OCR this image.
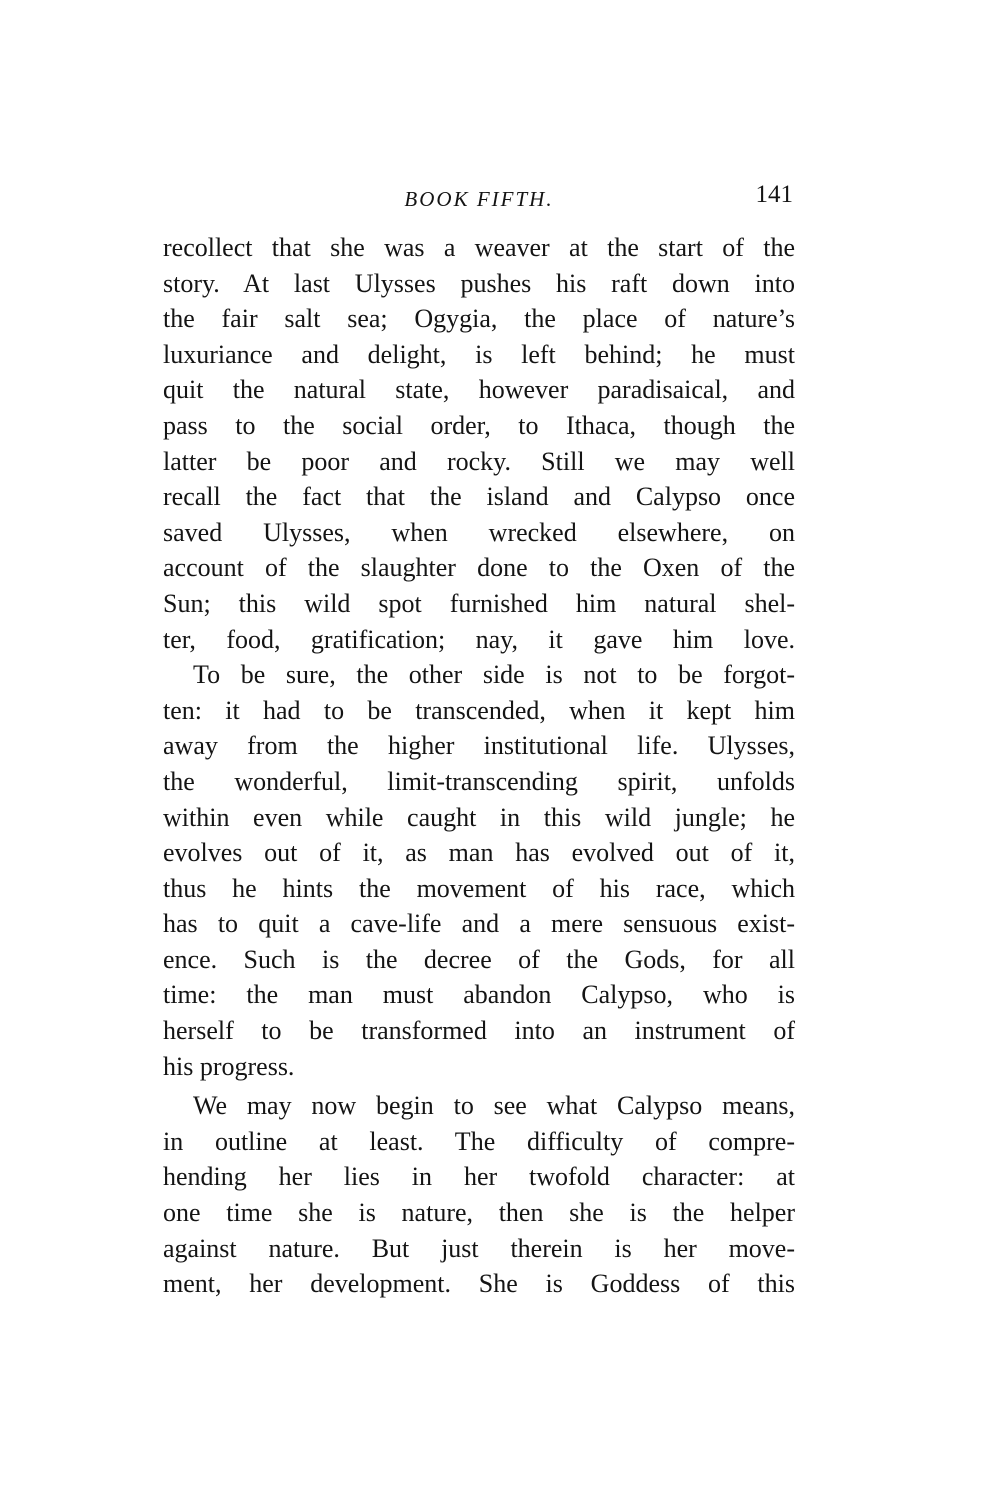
BOOK FIFTH.	141
recollect that she was a weaver at the start of the
story. At last Ulysses pushes his raft down into
the fair salt sea; Ogygia, the place of nature’s
luxuriance and delight, is left behind; he must
quit the natural state, however paradisaical, and
pass to the social order, to Ithaca, though the
latter be poor and rocky. Still we may well
recall the fact that the island and Calypso once
saved Ulysses, when wrecked elsewhere, on
account of the slaughter done to the Oxen of the
Sun; this wild spot furnished him natural shel-
ter, food, gratification; nay, it gave him love.
To be sure, the other side is not to be forgot-
ten: it had to be transcended, when it kept him
away from the higher institutional life. Ulysses,
the wonderful, limit-transcending spirit, unfolds
within even while caught in this wild jungle; he
evolves out of it, as man has evolved out of it,
thus he hints the movement of his race, which
has to quit a cave-life and a mere sensuous exist-
ence. Such is the decree of the Gods, for all
time: the man must abandon Calypso, who is
herself to be transformed into an instrument of
his progress.
We may now begin to see what Calypso means,
in outline at least. The difficulty of compre-
hending her lies in her twofold character: at
one time she is nature, then she is the helper
against nature. But just therein is her move-
ment, her development. She is Goddess of this
